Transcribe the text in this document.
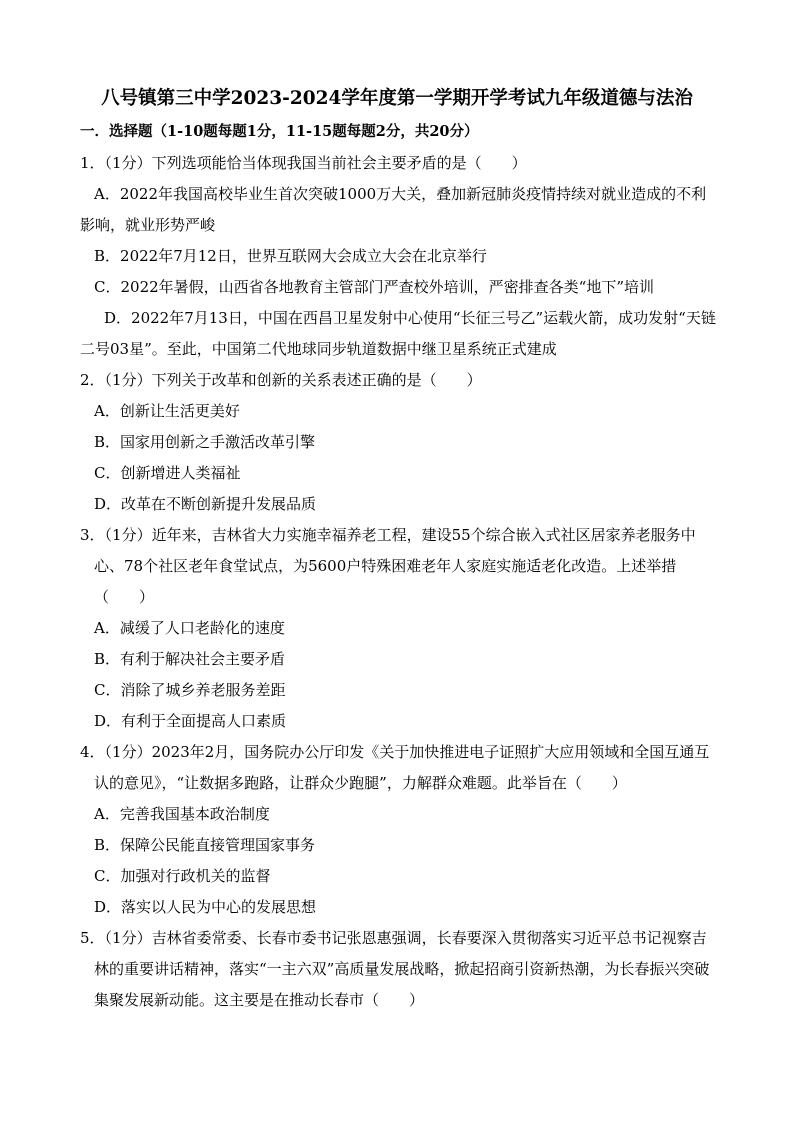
八号镇第三中学2023-2024学年度第一学期开学考试九年级道德与法治
一．选择题（1-10题每题1分，11-15题每题2分，共20分）

1．（1分）下列选项能恰当体现我国当前社会主要矛盾的是（　　）

A．2022年我国高校毕业生首次突破1000万大关，叠加新冠肺炎疫情持续对就业造成的不利影响，就业形势严峻

B．2022年7月12日，世界互联网大会成立大会在北京举行

C．2022年暑假，山西省各地教育主管部门严查校外培训，严密排查各类“地下”培训

D．2022年7月13日，中国在西昌卫星发射中心使用“长征三号乙”运载火箭，成功发射“天链二号03星”。至此，中国第二代地球同步轨道数据中继卫星系统正式建成

2．（1分）下列关于改革和创新的关系表述正确的是（　　）

A．创新让生活更美好

B．国家用创新之手激活改革引擎

C．创新增进人类福祉

D．改革在不断创新提升发展品质

3．（1分）近年来，吉林省大力实施幸福养老工程，建设55个综合嵌入式社区居家养老服务中心、78个社区老年食堂试点，为5600户特殊困难老年人家庭实施适老化改造。上述举措（　　）

A．减缓了人口老龄化的速度

B．有利于解决社会主要矛盾

C．消除了城乡养老服务差距

D．有利于全面提高人口素质

4．（1分）2023年2月，国务院办公厅印发《关于加快推进电子证照扩大应用领域和全国互通互认的意见》，“让数据多跑路，让群众少跑腿”，力解群众难题。此举旨在（　　）

A．完善我国基本政治制度

B．保障公民能直接管理国家事务

C．加强对行政机关的监督

D．落实以人民为中心的发展思想

5．（1分）吉林省委常委、长春市委书记张恩惠强调，长春要深入贯彻落实习近平总书记视察吉林的重要讲话精神，落实“一主六双”高质量发展战略，掀起招商引资新热潮，为长春振兴突破集聚发展新动能。这主要是在推动长春市（　　）
